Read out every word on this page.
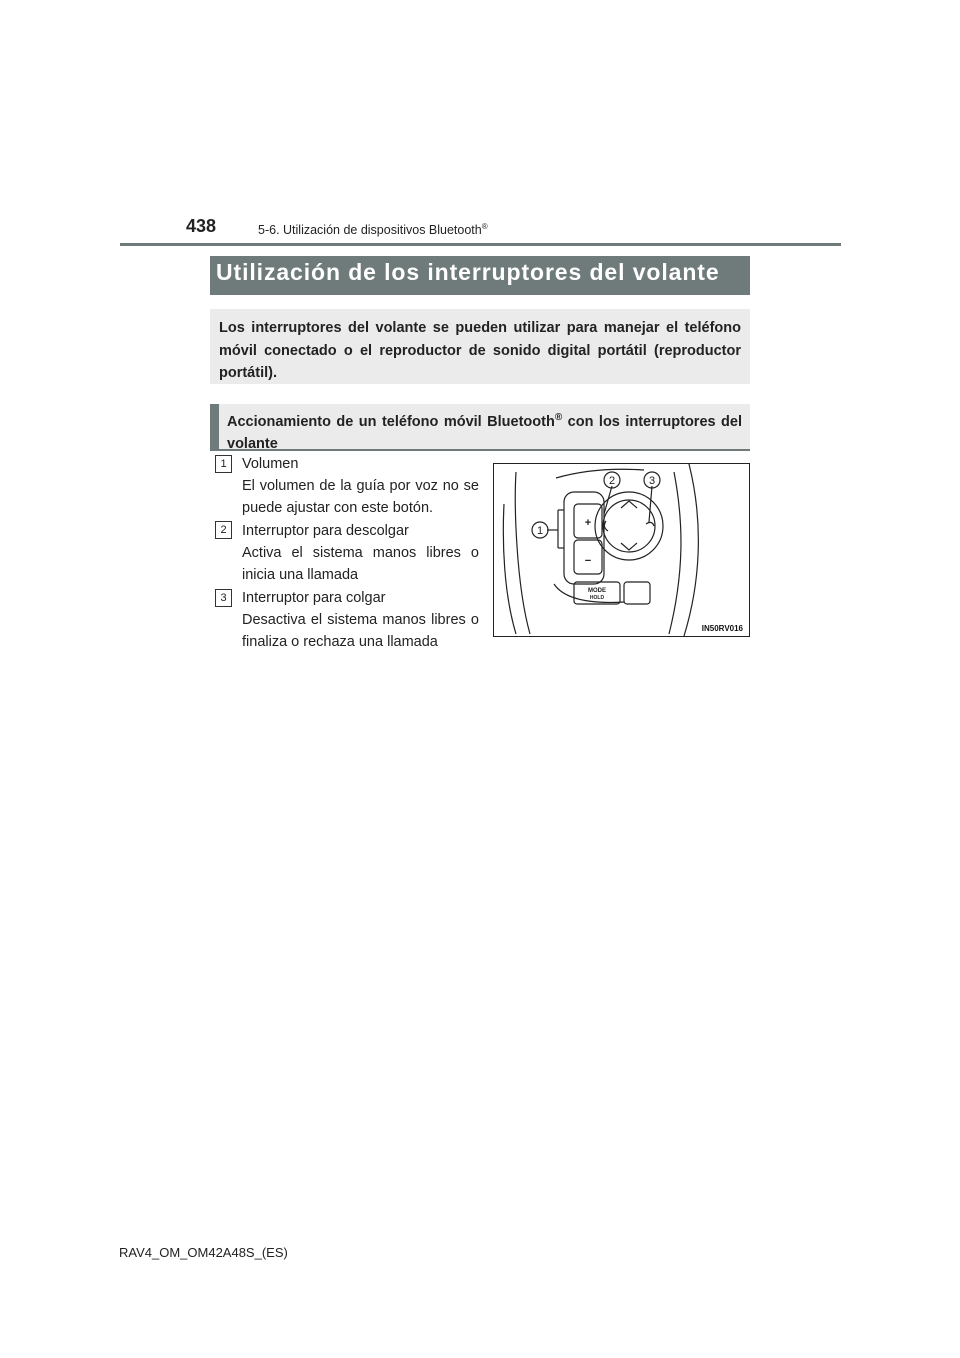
438	5-6. Utilización de dispositivos Bluetooth®
Utilización de los interruptores del volante
Los interruptores del volante se pueden utilizar para manejar el teléfono móvil conectado o el reproductor de sonido digital portátil (reproductor portátil).
Accionamiento de un teléfono móvil Bluetooth® con los interruptores del volante
1	Volumen
El volumen de la guía por voz no se puede ajustar con este botón.
2	Interruptor para descolgar
Activa el sistema manos libres o inicia una llamada
3	Interruptor para colgar
Desactiva el sistema manos libres o finaliza o rechaza una llamada
1
2	3
+
−
MODE
HOLD
IN50RV016
RAV4_OM_OM42A48S_(ES)
